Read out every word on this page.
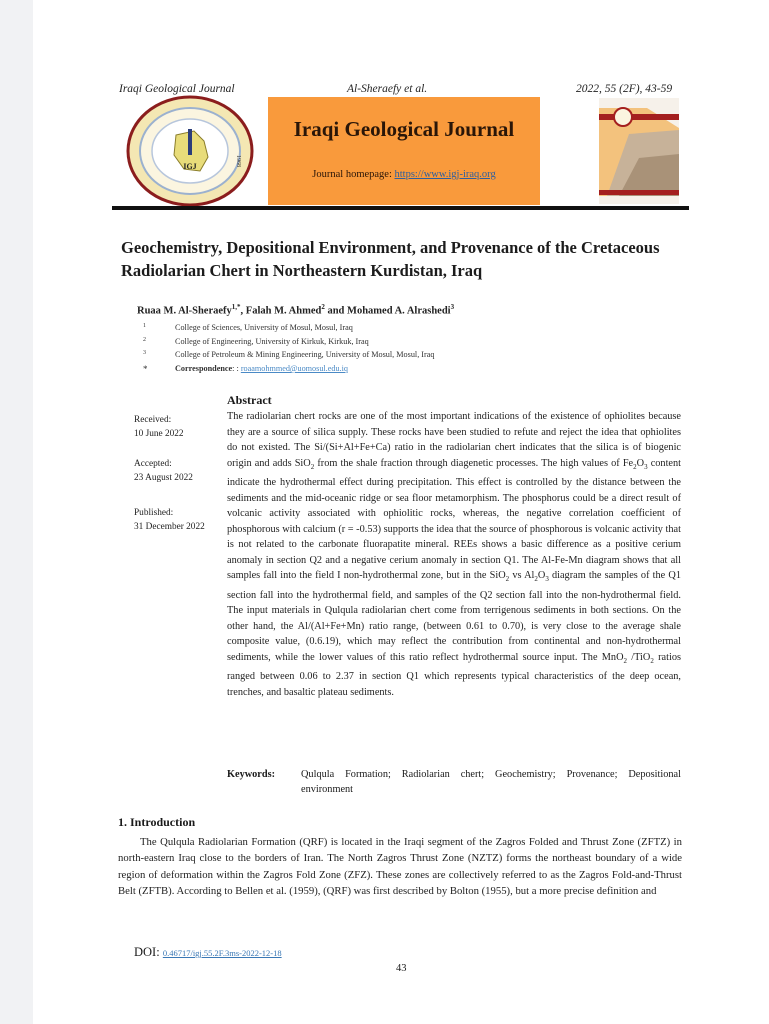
Iraqi Geological Journal	Al-Sheraefy et al.	2022, 55 (2F), 43-59
IGJ	1968
Iraqi Geological Journal
Journal homepage: https://www.igj-iraq.org
Geochemistry, Depositional Environment, and Provenance of the Cretaceous
Radiolarian Chert in Northeastern Kurdistan, Iraq
Ruaa M. Al-Sheraefy$^{1,*}$, Falah M. Ahmed$^2$ and Mohamed A. Alrashedi$^3$
1	College of Sciences, University of Mosul, Mosul, Iraq
2	College of Engineering, University of Kirkuk, Kirkuk, Iraq
3	College of Petroleum & Mining Engineering, University of Mosul, Mosul, Iraq
*	Correspondence: : roaamohmmed@uomosul.edu.iq
Abstract
Received:
10 June 2022
Accepted:
23 August 2022
Published:
31 December 2022
The radiolarian chert rocks are one of the most important indications of the existence of ophiolites because they are a source of silica supply. These rocks have been studied to refute and reject the idea that ophiolites do not existed. The Si/(Si+Al+Fe+Ca) ratio in the radiolarian chert indicates that the silica is of biogenic origin and adds SiO$_2$ from the shale fraction through diagenetic processes. The high values of $Fe_2O_3$ content indicate the hydrothermal effect during precipitation. This effect is controlled by the distance between the sediments and the mid-oceanic ridge or sea floor metamorphism. The phosphorus could be a direct result of volcanic activity associated with ophiolitic rocks, whereas, the negative correlation coefficient of phosphorous with calcium (r = -0.53) supports the idea that the source of phosphorous is volcanic activity that is not related to the carbonate fluorapatite mineral. REEs shows a basic difference as a positive cerium anomaly in section Q2 and a negative cerium anomaly in section Q1. The Al-Fe-Mn diagram shows that all samples fall into the field I non-hydrothermal zone, but in the SiO$_2$ vs $Al_2O_3$ diagram the samples of the Q1 section fall into the hydrothermal field, and samples of the Q2 section fall into the non-hydrothermal field. The input materials in Qulqula radiolarian chert come from terrigenous sediments in both sections. On the other hand, the Al/(Al+Fe+Mn) ratio range, (between 0.61 to 0.70), is very close to the average shale composite value, (0.6.19), which may reflect the contribution from continental and non-hydrothermal sediments, while the lower values of this ratio reflect hydrothermal source input. The MnO$_2$ /TiO$_2$ ratios ranged between 0.06 to 2.37 in section Q1 which represents typical characteristics of the deep ocean, trenches, and basaltic plateau sediments.
Keywords:	Qulqula Formation; Radiolarian chert; Geochemistry; Provenance; Depositional environment
1. Introduction
The Qulqula Radiolarian Formation (QRF) is located in the Iraqi segment of the Zagros Folded and Thrust Zone (ZFTZ) in north-eastern Iraq close to the borders of Iran. The North Zagros Thrust Zone (NZTZ) forms the northeast boundary of a wide region of deformation within the Zagros Fold Zone (ZFZ). These zones are collectively referred to as the Zagros Fold-and-Thrust Belt (ZFTB). According to Bellen et al. (1959), (QRF) was first described by Bolton (1955), but a more precise definition and
DOI: 0.46717/igj.55.2F.3ms-2022-12-18
43
